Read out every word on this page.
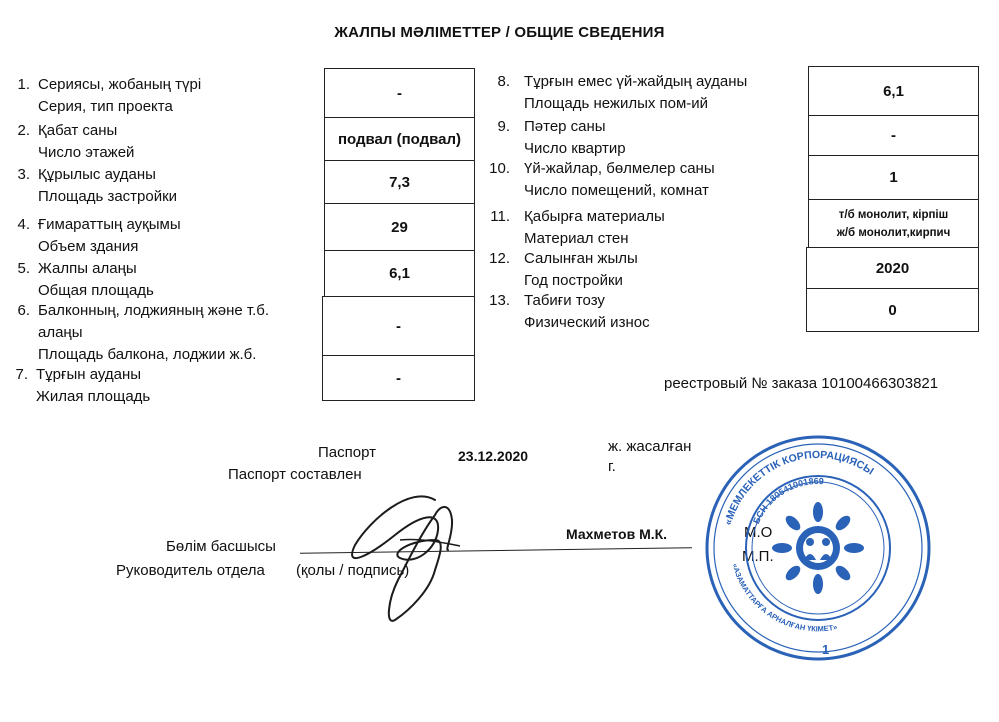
ЖАЛПЫ МӘЛІМЕТТЕР / ОБЩИЕ СВЕДЕНИЯ
1. Сериясы, жобаның түрі
Серия, тип проекта
2. Қабат саны
Число этажей
3. Құрылыс ауданы
Площадь застройки
4. Ғимараттың ауқымы
Объем здания
5. Жалпы алаңы
Общая площадь
6. Балконның, лоджияның және т.б.
алаңы
Площадь балкона, лоджии ж.б.
7. Тұрғын ауданы
Жилая площадь
-
подвал (подвал)
7,3
29
6,1
-
-
8. Тұрғын емес үй-жайдың ауданы
Площадь нежилых пом-ий
9. Пәтер саны
Число квартир
10. Үй-жайлар, бөлмелер саны
Число помещений, комнат
11. Қабырға материалы
Материал стен
12. Салынған жылы
Год постройки
13. Табиғи тозу
Физический износ
6,1
-
1
т/б монолит, кірпіш
ж/б монолит,кирпич
2020
0
реестровый № заказа 10100466303821
Паспорт
Паспорт составлен
23.12.2020
ж. жасалған
г.
Бөлім басшысы
Руководитель отдела (қолы / подпись)
Махметов М.К.	М.О
М.П.
«МЕМЛЕКЕТТІК КОРПОРАЦИЯСЫ
«АЗАМАТТАРҒА АРНАЛҒАН ҮКІМЕТ»
БСН 180541001869
1
